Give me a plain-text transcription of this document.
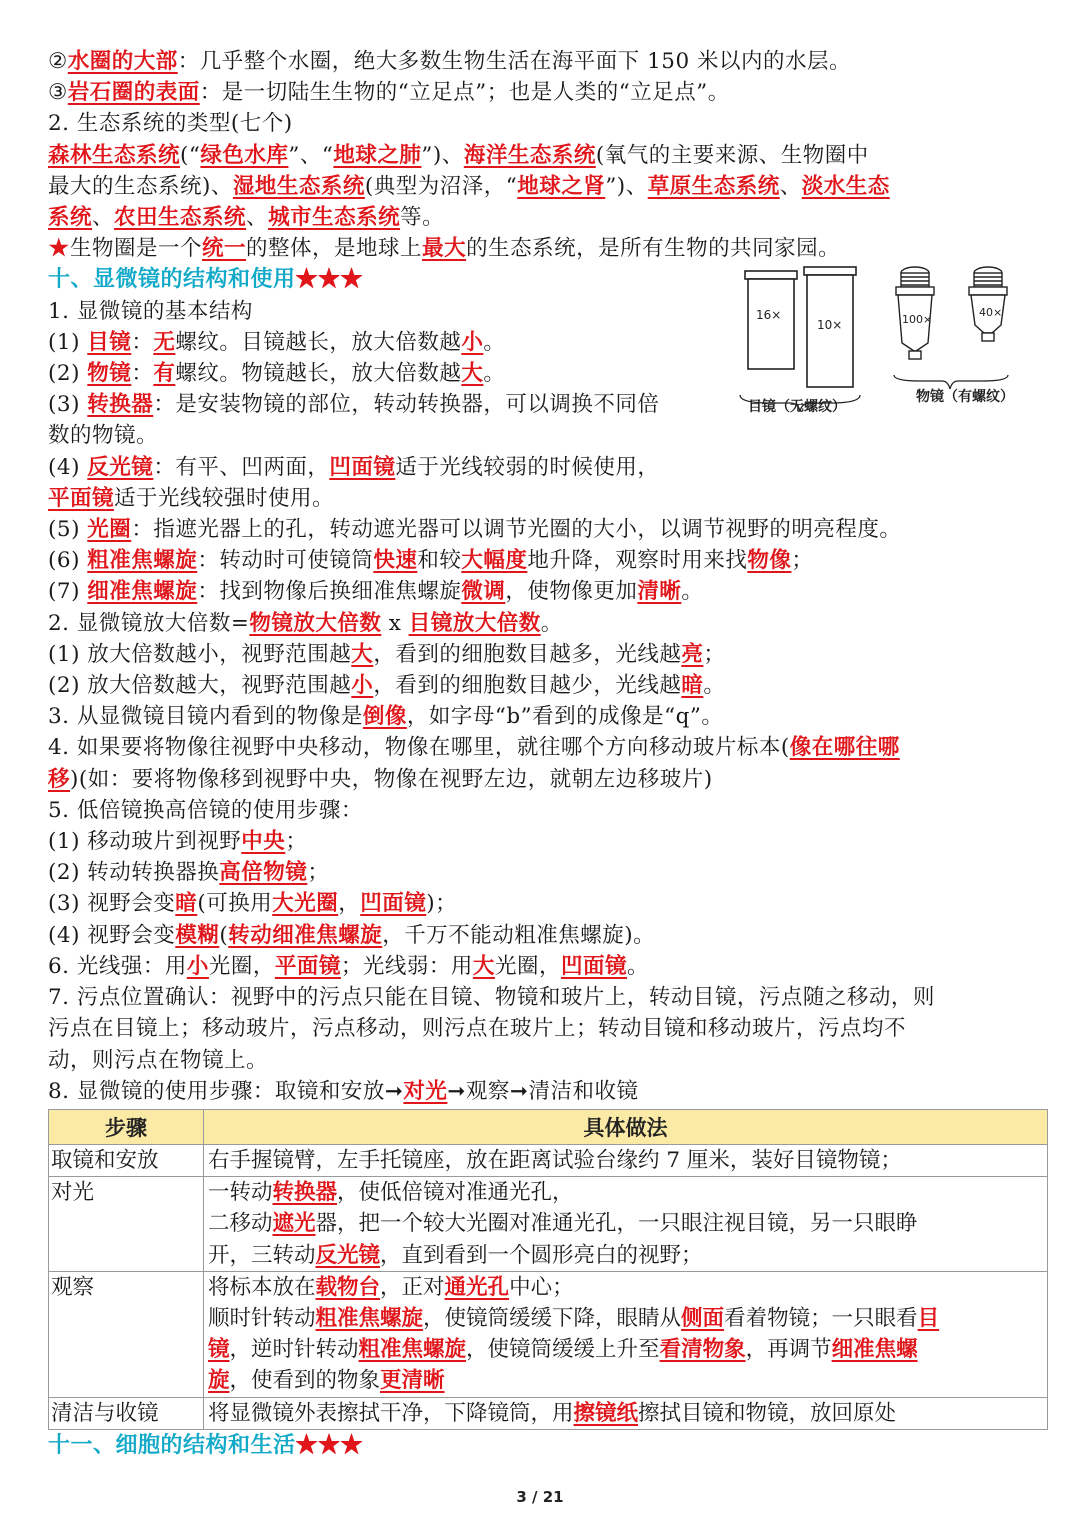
②水圈的大部：几乎整个水圈，绝大多数生物生活在海平面下 150 米以内的水层。
③岩石圈的表面：是一切陆生生物的“立足点”；也是人类的“立足点”。
2. 生态系统的类型(七个)
森林生态系统(“绿色水库”、“地球之肺”)、海洋生态系统(氧气的主要来源、生物圈中
最大的生态系统)、湿地生态系统(典型为沼泽，“地球之肾”)、草原生态系统、淡水生态
系统、农田生态系统、城市生态系统等。
★生物圈是一个统一的整体，是地球上最大的生态系统，是所有生物的共同家园。
十、显微镜的结构和使用★★★
1. 显微镜的基本结构
(1) 目镜：无螺纹。目镜越长，放大倍数越小。
(2) 物镜：有螺纹。物镜越长，放大倍数越大。
(3) 转换器：是安装物镜的部位，转动转换器，可以调换不同倍
数的物镜。
(4) 反光镜：有平、凹两面，凹面镜适于光线较弱的时候使用，
平面镜适于光线较强时使用。
(5) 光圈：指遮光器上的孔，转动遮光器可以调节光圈的大小，以调节视野的明亮程度。
(6) 粗准焦螺旋：转动时可使镜筒快速和较大幅度地升降，观察时用来找物像；
(7) 细准焦螺旋：找到物像后换细准焦螺旋微调，使物像更加清晰。
2. 显微镜放大倍数=物镜放大倍数 x 目镜放大倍数。
(1) 放大倍数越小，视野范围越大，看到的细胞数目越多，光线越亮；
(2) 放大倍数越大，视野范围越小，看到的细胞数目越少，光线越暗。
3. 从显微镜目镜内看到的物像是倒像，如字母“b”看到的成像是“q”。
4. 如果要将物像往视野中央移动，物像在哪里，就往哪个方向移动玻片标本(像在哪往哪
移)(如：要将物像移到视野中央，物像在视野左边，就朝左边移玻片)
5. 低倍镜换高倍镜的使用步骤：
(1) 移动玻片到视野中央；
(2) 转动转换器换高倍物镜；
(3) 视野会变暗(可换用大光圈，凹面镜)；
(4) 视野会变模糊(转动细准焦螺旋，千万不能动粗准焦螺旋)。
6. 光线强：用小光圈，平面镜；光线弱：用大光圈，凹面镜。
7. 污点位置确认：视野中的污点只能在目镜、物镜和玻片上，转动目镜，污点随之移动，则
污点在目镜上；移动玻片，污点移动，则污点在玻片上；转动目镜和移动玻片，污点均不
动，则污点在物镜上。
8. 显微镜的使用步骤：取镜和安放➞对光➞观察➞清洁和收镜
步骤	具体做法
取镜和安放	右手握镜臂，左手托镜座，放在距离试验台缘约 7 厘米，装好目镜物镜；
对光	一转动转换器，使低倍镜对准通光孔，
二移动遮光器，把一个较大光圈对准通光孔，一只眼注视目镜，另一只眼睁
开，三转动反光镜，直到看到一个圆形亮白的视野；

观察	将标本放在载物台，正对通光孔中心；
顺时针转动粗准焦螺旋，使镜筒缓缓下降，眼睛从侧面看着物镜；一只眼看目
镜，逆时针转动粗准焦螺旋，使镜筒缓缓上升至看清物象，再调节细准焦螺
旋，使看到的物象更清晰

清洁与收镜	将显微镜外表擦拭干净，下降镜筒，用擦镜纸擦拭目镜和物镜，放回原处
十一、细胞的结构和生活★★★
16×
10×	100×
40×
目镜（无螺纹）
物镜（有螺纹）
3 / 21
